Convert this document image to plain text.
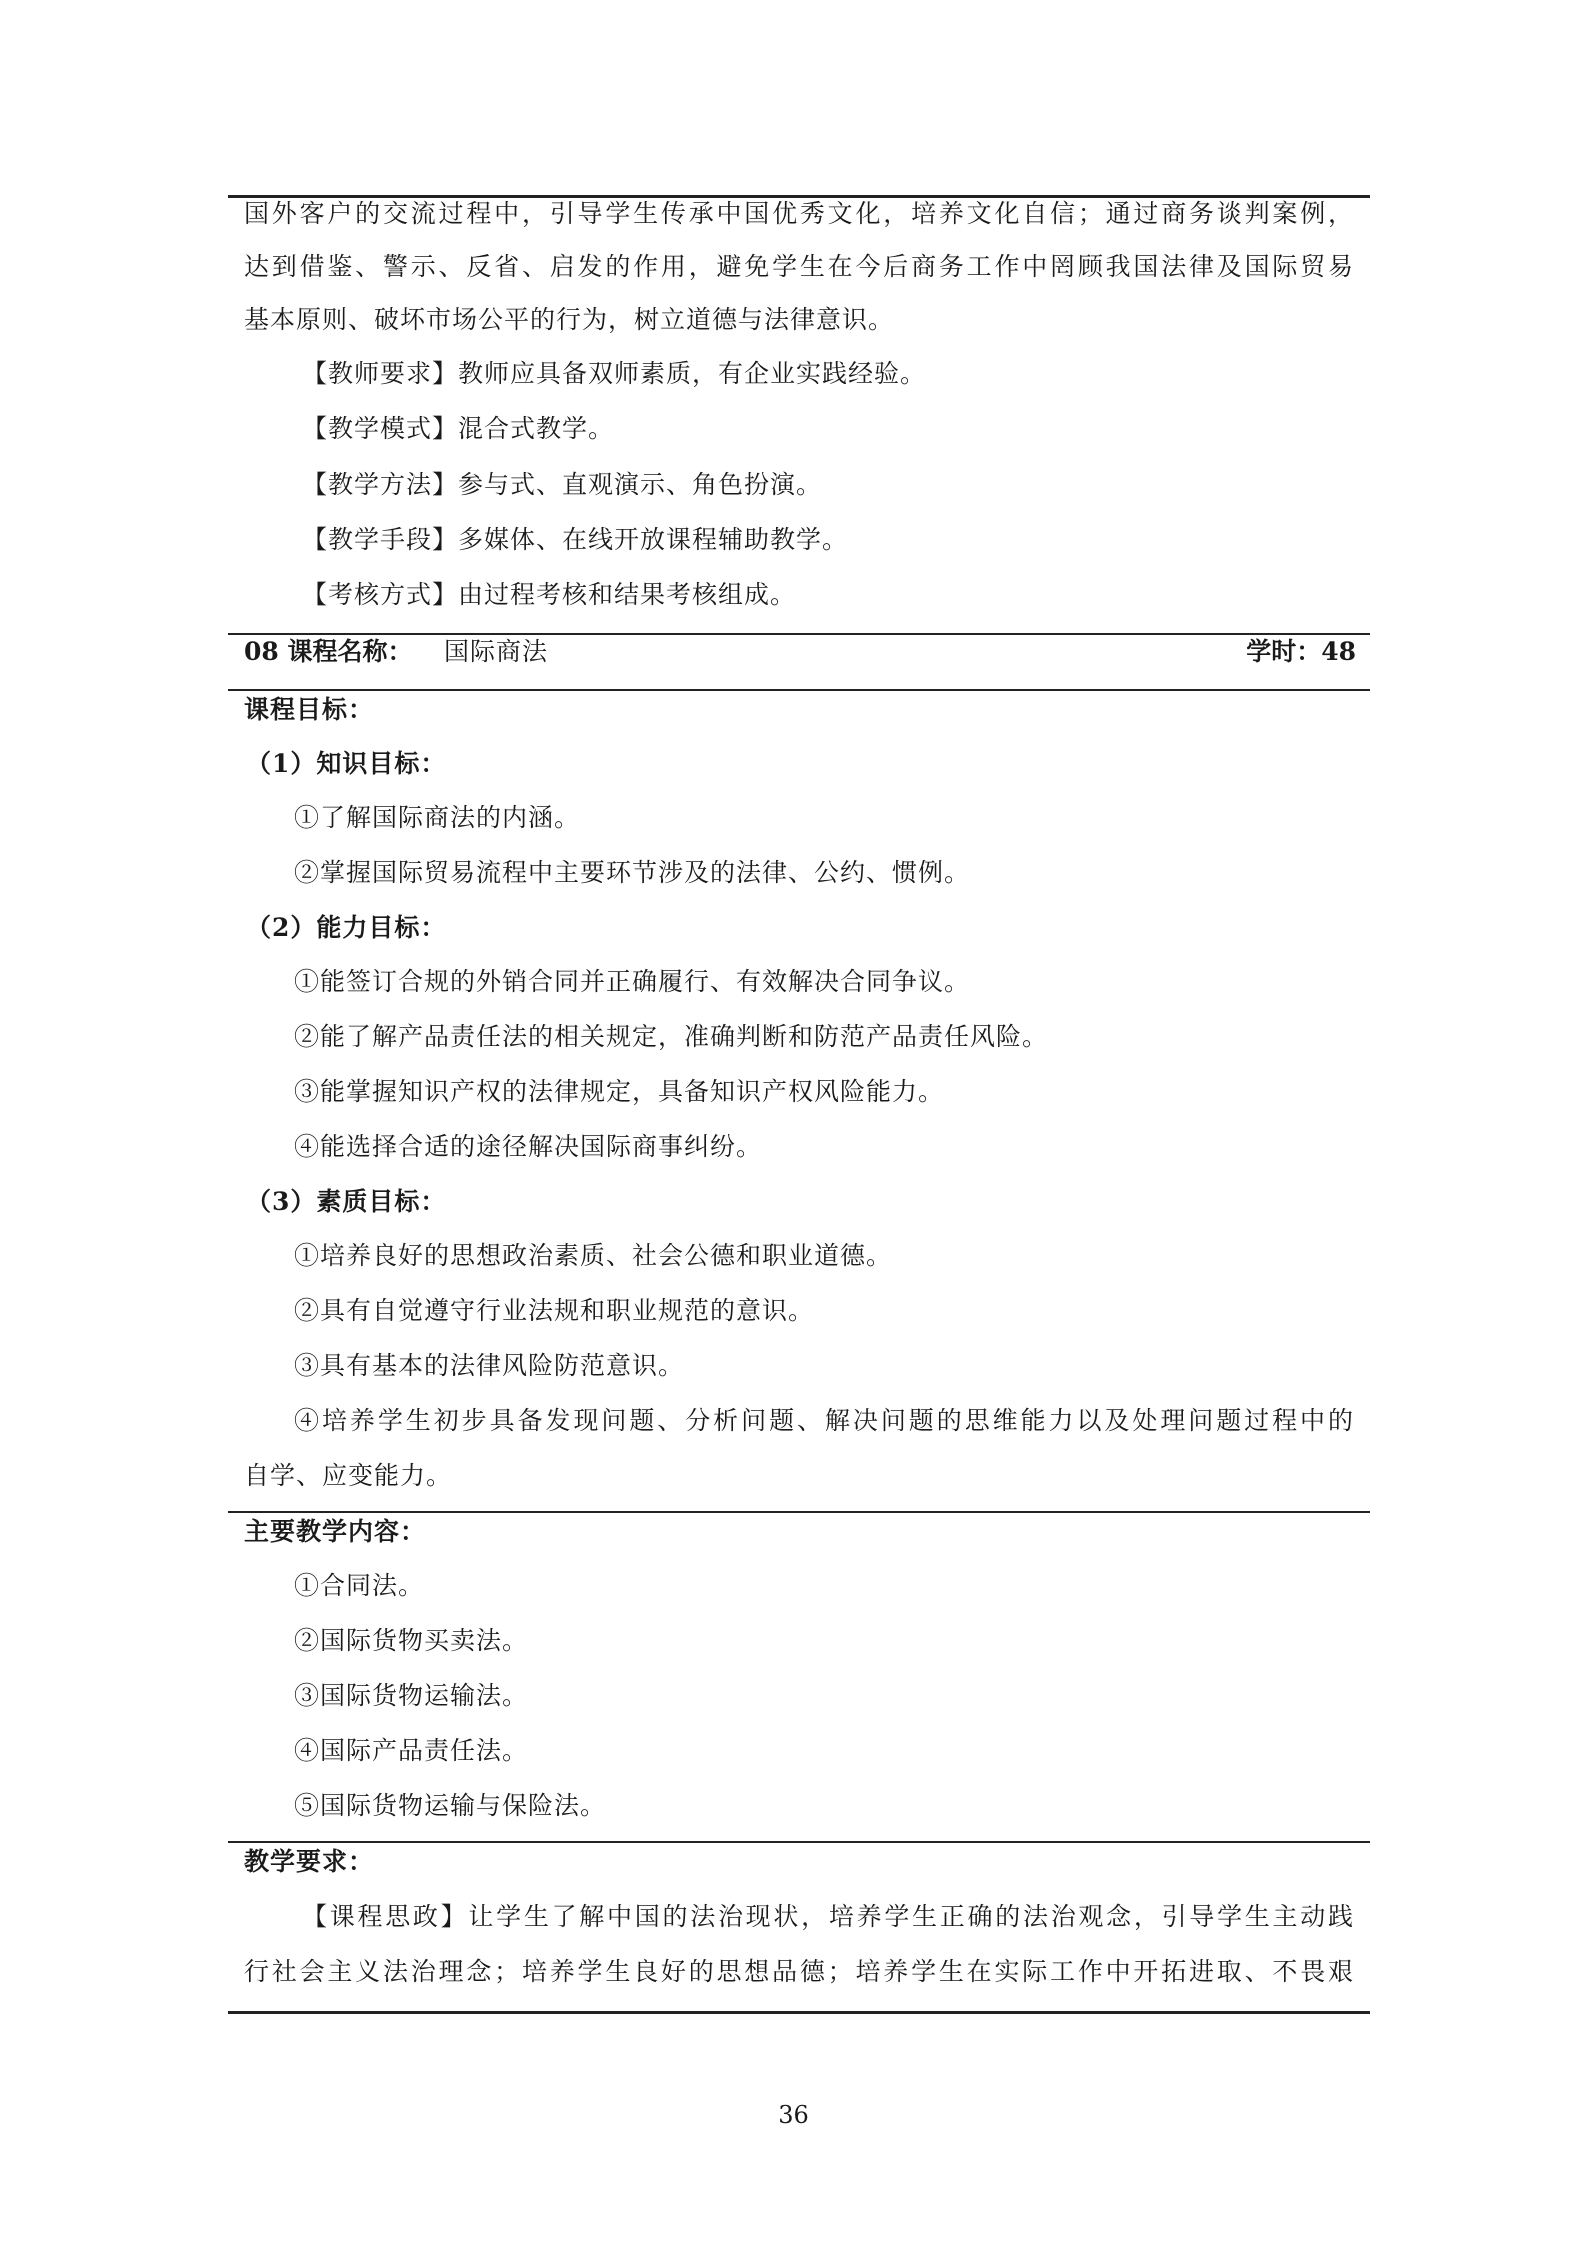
国外客户的交流过程中，引导学生传承中国优秀文化，培养文化自信；通过商务谈判案例，
达到借鉴、警示、反省、启发的作用，避免学生在今后商务工作中罔顾我国法律及国际贸易
基本原则、破坏市场公平的行为，树立道德与法律意识。
【教师要求】教师应具备双师素质，有企业实践经验。
【教学模式】混合式教学。
【教学方法】参与式、直观演示、角色扮演。
【教学手段】多媒体、在线开放课程辅助教学。
【考核方式】由过程考核和结果考核组成。
08 课程名称： 国际商法	学时：48
课程目标：
（1）知识目标：
①了解国际商法的内涵。
②掌握国际贸易流程中主要环节涉及的法律、公约、惯例。
（2）能力目标：
①能签订合规的外销合同并正确履行、有效解决合同争议。
②能了解产品责任法的相关规定，准确判断和防范产品责任风险。
③能掌握知识产权的法律规定，具备知识产权风险能力。
④能选择合适的途径解决国际商事纠纷。
（3）素质目标：
①培养良好的思想政治素质、社会公德和职业道德。
②具有自觉遵守行业法规和职业规范的意识。
③具有基本的法律风险防范意识。
④培养学生初步具备发现问题、分析问题、解决问题的思维能力以及处理问题过程中的
自学、应变能力。
主要教学内容：
①合同法。
②国际货物买卖法。
③国际货物运输法。
④国际产品责任法。
⑤国际货物运输与保险法。
教学要求：
【课程思政】让学生了解中国的法治现状，培养学生正确的法治观念，引导学生主动践
行社会主义法治理念；培养学生良好的思想品德；培养学生在实际工作中开拓进取、不畏艰
36
